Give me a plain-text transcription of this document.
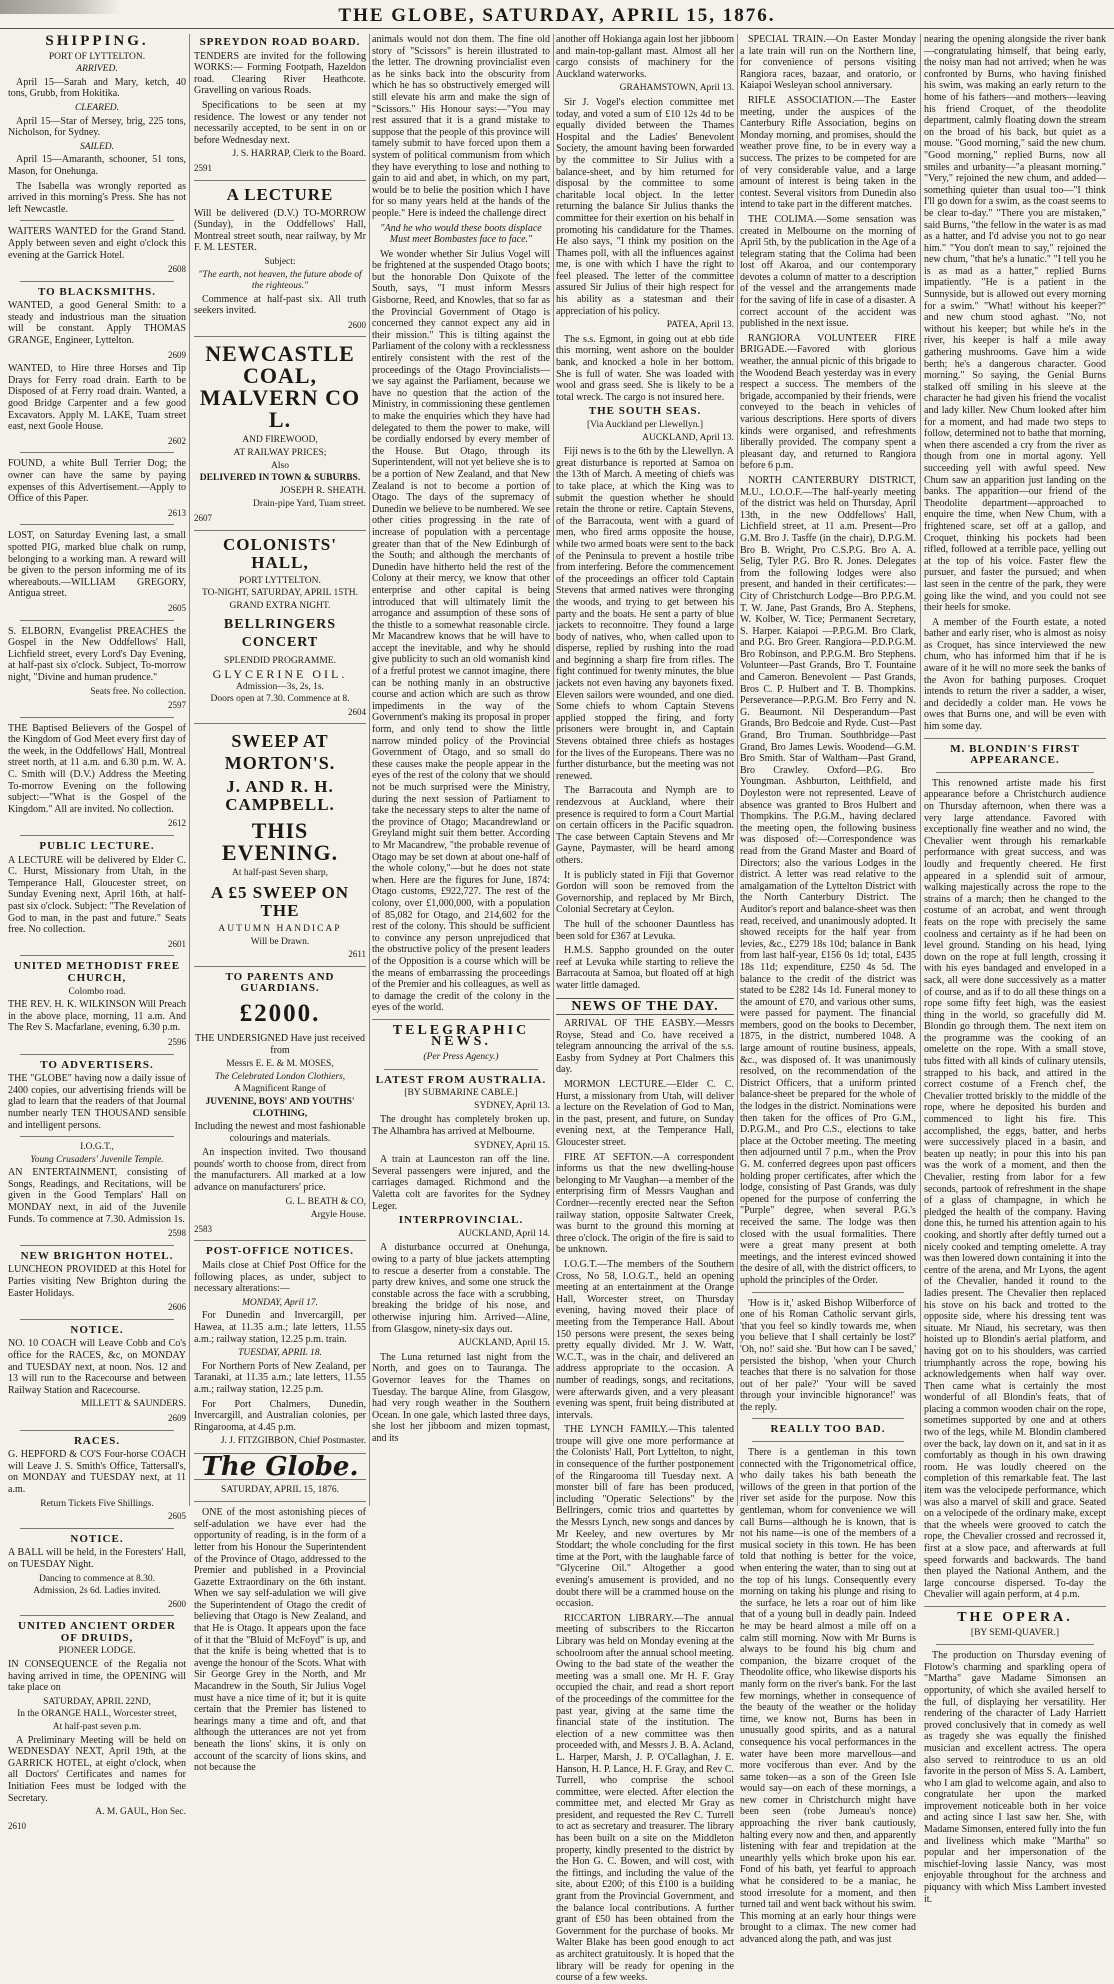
THE GLOBE, SATURDAY, APRIL 15, 1876.
SHIPPING.
PORT OF LYTTELTON.
ARRIVED.
April 15—Sarah and Mary, ketch, 40 tons, Grubb, from Hokitika.
CLEARED.
April 15—Star of Mersey, brig, 225 tons, Nicholson, for Sydney.
SAILED.
April 15—Amaranth, schooner, 51 tons, Mason, for Onehunga.
The Isabella was wrongly reported as arrived in this morning's Press. She has not left Newcastle.
WAITERS WANTED for the Grand Stand. Apply between seven and eight o'clock this evening at the Garrick Hotel.
2608
TO BLACKSMITHS.
WANTED, a good General Smith: to a steady and industrious man the situation will be constant. Apply THOMAS GRANGE, Engineer, Lyttelton.
2609
WANTED, to Hire three Horses and Tip Drays for Ferry road drain. Earth to be Disposed of at Ferry road drain. Wanted, a good Bridge Carpenter and a few good Excavators. Apply M. LAKE, Tuam street east, next Goole House.
2602
FOUND, a white Bull Terrier Dog; the owner can have the same by paying expenses of this Advertisement.—Apply to Office of this Paper.
2613
LOST, on Saturday Evening last, a small spotted PIG, marked blue chalk on rump, belonging to a working man. A reward will be given to the person informing me of its whereabouts.—WILLIAM GREGORY, Antigua street.
2605
S. ELBORN, Evangelist PREACHES the Gospel in the New Oddfellows' Hall, Lichfield street, every Lord's Day Evening, at half-past six o'clock. Subject, To-morrow night, "Divine and human prudence."
Seats free. No collection.
2597
THE Baptised Believers of the Gospel of the Kingdom of God Meet every first day of the week, in the Oddfellows' Hall, Montreal street north, at 11 a.m. and 6.30 p.m. W. A. C. Smith will (D.V.) Address the Meeting To-morrow Evening on the following subject:—"What is the Gospel of the Kingdom." All are invited. No collection.
2612
PUBLIC LECTURE.
A LECTURE will be delivered by Elder C. C. Hurst, Missionary from Utah, in the Temperance Hall, Gloucester street, on Sunday Evening next, April 16th, at half-past six o'clock. Subject: "The Revelation of God to man, in the past and future." Seats free. No collection.
2601
UNITED METHODIST FREE CHURCH,
Colombo road.
THE REV. H. K. WILKINSON Will Preach in the above place, morning, 11 a.m. And The Rev S. Macfarlane, evening, 6.30 p.m.
2596
TO ADVERTISERS.
THE "GLOBE" having now a daily issue of 2400 copies, our advertising friends will be glad to learn that the readers of that Journal number nearly TEN THOUSAND sensible and intelligent persons.
I.O.G.T.,
Young Crusaders' Juvenile Temple.
AN ENTERTAINMENT, consisting of Songs, Readings, and Recitations, will be given in the Good Templars' Hall on MONDAY next, in aid of the Juvenile Funds. To commence at 7.30. Admission 1s.
2598
NEW BRIGHTON HOTEL.
LUNCHEON PROVIDED at this Hotel for Parties visiting New Brighton during the Easter Holidays.
2606
NOTICE.
NO. 10 COACH will Leave Cobb and Co's office for the RACES, &c, on MONDAY and TUESDAY next, at noon. Nos. 12 and 13 will run to the Racecourse and between Railway Station and Racecourse.
MILLETT & SAUNDERS.
2609
RACES.
G. HEPFORD & CO'S Four-horse COACH will Leave J. S. Smith's Office, Tattersall's, on MONDAY and TUESDAY next, at 11 a.m.
Return Tickets Five Shillings.
2605
NOTICE.
A BALL will be held, in the Foresters' Hall, on TUESDAY Night.
Dancing to commence at 8.30.
Admission, 2s 6d. Ladies invited.
2600
UNITED ANCIENT ORDER OF DRUIDS,
PIONEER LODGE.
IN CONSEQUENCE of the Regalia not having arrived in time, the OPENING will take place on
SATURDAY, APRIL 22ND,
In the ORANGE HALL, Worcester street,
At half-past seven p.m.
A Preliminary Meeting will be held on WEDNESDAY NEXT, April 19th, at the GARRICK HOTEL, at eight o'clock, when all Doctors' Certificates and names for Initiation Fees must be lodged with the Secretary.
A. M. GAUL, Hon Sec.
2610
SPREYDON ROAD BOARD.
TENDERS are invited for the following WORKS:— Forming Footpath, Hazeldon road. Clearing River Heathcote. Gravelling on various Roads.
Specifications to be seen at my residence. The lowest or any tender not necessarily accepted, to be sent in on or before Wednesday next.
J. S. HARRAP, Clerk to the Board.
2591
A LECTURE
Will be delivered (D.V.) TO-MORROW (Sunday), in the Oddfellows' Hall, Montreal street south, near railway, by Mr F. M. LESTER.
Subject:
"The earth, not heaven, the future abode of the righteous."
Commence at half-past six. All truth seekers invited.
2600
NEWCASTLE COAL, MALVERN CO L.
AND FIREWOOD,
AT RAILWAY PRICES;
Also
DELIVERED IN TOWN & SUBURBS.
JOSEPH R. SHEATH.
Drain-pipe Yard, Tuam street.
2607
COLONISTS' HALL,
PORT LYTTELTON.
TO-NIGHT, SATURDAY, APRIL 15TH.
GRAND EXTRA NIGHT.
BELLRINGERS CONCERT
SPLENDID PROGRAMME.
GLYCERINE OIL.
Admission—3s, 2s, 1s.
Doors open at 7.30. Commence at 8.
2604
SWEEP AT MORTON'S.
J. AND R. H. CAMPBELL.
THIS EVENING.
At half-past Seven sharp,
A £5 SWEEP ON THE
AUTUMN HANDICAP
Will be Drawn.
2611
TO PARENTS AND GUARDIANS.
£2000.
THE UNDERSIGNED Have just received from
Messrs E. E. & M. MOSES,
The Celebrated London Clothiers,
A Magnificent Range of
JUVENINE, BOYS' AND YOUTHS' CLOTHING,
Including the newest and most fashionable colourings and materials.
An inspection invited. Two thousand pounds' worth to choose from, direct from the manufacturers. All marked at a low advance on manufacturers' price.
G. L. BEATH & CO,
Argyle House.
2583
POST-OFFICE NOTICES.
Mails close at Chief Post Office for the following places, as under, subject to necessary alterations:—
MONDAY, April 17.
For Dunedin and Invercargill, per Hawea, at 11.35 a.m.; late letters, 11.55 a.m.; railway station, 12.25 p.m. train.
TUESDAY, APRIL 18.
For Northern Ports of New Zealand, per Taranaki, at 11.35 a.m.; late letters, 11.55 a.m.; railway station, 12.25 p.m.
For Port Chalmers, Dunedin, Invercargill, and Australian colonies, per Ringarooma, at 4.45 p.m.
J. J. FITZGIBBON, Chief Postmaster.
The Globe.
SATURDAY, APRIL 15, 1876.
ONE of the most astonishing pieces of self-adulation we have ever had the opportunity of reading, is in the form of a letter from his Honour the Superintendent of the Province of Otago, addressed to the Premier and published in a Provincial Gazette Extraordinary on the 6th instant. When we say self-adulation we will give the Superintendent of Otago the credit of believing that Otago is New Zealand, and that He is Otago. It appears upon the face of it that the "Bluid of McFoyd" is up, and that the knife is being whetted that is to avenge the honour of the Scots. What with Sir George Grey in the North, and Mr Macandrew in the South, Sir Julius Vogel must have a nice time of it; but it is quite certain that the Premier has listened to hearings many a time and oft, and that although the utterances are not yet from beneath the lions' skins, it is only on account of the scarcity of lions skins, and not because the
animals would not don them. The fine old story of "Scissors" is herein illustrated to the letter. The drowning provincialist even as he sinks back into the obscurity from which he has so obstructively emerged will still elevate his arm and make the sign of "Scissors." His Honour says:—"You may rest assured that it is a grand mistake to suppose that the people of this province will tamely submit to have forced upon them a system of political communism from which they have everything to lose and nothing to gain to aid and abet, in which, on my part, would be to belie the position which I have for so many years held at the hands of the people." Here is indeed the challenge direct
"And he who would these boots displace Must meet Bombastes face to face."
We wonder whether Sir Julius Vogel will be frightened at the suspended Otago boots; but the honorable Don Quixote of the South, says, "I must inform Messrs Gisborne, Reed, and Knowles, that so far as the Provincial Government of Otago is concerned they cannot expect any aid in their mission." This is tilting against the Parliament of the colony with a recklessness entirely consistent with the rest of the proceedings of the Otago Provincialists—we say against the Parliament, because we have no question that the action of the Ministry, in commissioning these gentlemen to make the enquiries which they have had delegated to them the power to make, will be cordially endorsed by every member of the House. But Otago, through its Superintendent, will not yet believe she is to be a portion of New Zealand, and that New Zealand is not to become a portion of Otago. The days of the supremacy of Dunedin we believe to be numbered. We see other cities progressing in the rate of increase of population with a percentage greater than that of the New Edinburgh of the South; and although the merchants of Dunedin have hitherto held the rest of the Colony at their mercy, we know that other enterprise and other capital is being introduced that will ultimately limit the arrogance and assumption of these sons of the thistle to a somewhat reasonable circle. Mr Macandrew knows that he will have to accept the inevitable, and why he should give publicity to such an old womanish kind of a fretful protest we cannot imagine, there can be nothing manly in an obstructive course and action which are such as throw impediments in the way of the Government's making its proposal in proper form, and only tend to show the little narrow minded policy of the Provincial Government of Otago, and so small do these causes make the people appear in the eyes of the rest of the colony that we should not be much surprised were the Ministry, during the next session of Parliament to take the necessary steps to alter the name of the province of Otago; Macandrewland or Greyland might suit them better. According to Mr Macandrew, "the probable revenue of Otago may be set down at about one-half of the whole colony,"—but he does not state when. Here are the figures for June, 1874: Otago customs, £922,727. The rest of the colony, over £1,000,000, with a population of 85,082 for Otago, and 214,602 for the rest of the colony. This should be sufficient to convince any person unprejudiced that the obstructive policy of the present leaders of the Opposition is a course which will be the means of embarrassing the proceedings of the Premier and his colleagues, as well as to damage the credit of the colony in the eyes of the world.
TELEGRAPHIC NEWS.
(Per Press Agency.)
LATEST FROM AUSTRALIA.
[BY SUBMARINE CABLE.]
SYDNEY, April 13.
The drought has completely broken up. The Alhambra has arrived at Melbourne.
SYDNEY, April 15.
A train at Launceston ran off the line. Several passengers were injured, and the carriages damaged. Richmond and the Valetta colt are favorites for the Sydney Leger.
INTERPROVINCIAL.
AUCKLAND, April 14.
A disturbance occurred at Onehunga, owing to a party of blue jackets attempting to rescue a deserter from a constable. The party drew knives, and some one struck the constable across the face with a scrubbing, breaking the bridge of his nose, and otherwise injuring him. Arrived—Aline, from Glasgow, ninety-six days out.
AUCKLAND, April 15.
The Luna returned last night from the North, and goes on to Tauranga. The Governor leaves for the Thames on Tuesday. The barque Aline, from Glasgow, had very rough weather in the Southern Ocean. In one gale, which lasted three days, she lost her jibboom and mizen topmast, and its
another off Hokianga again lost her jibboom and main-top-gallant mast. Almost all her cargo consists of machinery for the Auckland waterworks.
GRAHAMSTOWN, April 13.
Sir J. Vogel's election committee met today, and voted a sum of £10 12s 4d to be equally divided between the Thames Hospital and the Ladies' Benevolent Society, the amount having been forwarded by the committee to Sir Julius with a balance-sheet, and by him returned for disposal by the committee to some charitable local object. In the letter returning the balance Sir Julius thanks the committee for their exertion on his behalf in promoting his candidature for the Thames. He also says, "I think my position on the Thames poll, with all the influences against me, is one with which I have the right to feel pleased. The letter of the committee assured Sir Julius of their high respect for his ability as a statesman and their appreciation of his policy.
PATEA, April 13.
The s.s. Egmont, in going out at ebb tide this morning, went ashore on the boulder bank, and knocked a hole in her bottom. She is full of water. She was loaded with wool and grass seed. She is likely to be a total wreck. The cargo is not insured here.
THE SOUTH SEAS.
[Via Auckland per Llewellyn.]
AUCKLAND, April 13.
Fiji news is to the 6th by the Llewellyn. A great disturbance is reported at Samoa on the 13th of March. A meeting of chiefs was to take place, at which the King was to submit the question whether he should retain the throne or retire. Captain Stevens, of the Barracouta, went with a guard of men, who fired arms opposite the house, while two armed boats were sent to the back of the Peninsula to prevent a hostile tribe from interfering. Before the commencement of the proceedings an officer told Captain Stevens that armed natives were thronging the woods, and trying to get between his party and the boats. He sent a party of blue jackets to reconnoitre. They found a large body of natives, who, when called upon to disperse, replied by rushing into the road and beginning a sharp fire from rifles. The fight continued for twenty minutes, the blue jackets not even having any bayonets fixed. Eleven sailors were wounded, and one died. Some chiefs to whom Captain Stevens applied stopped the firing, and forty prisoners were brought in, and Captain Stevens obtained three chiefs as hostages for the lives of the Europeans. There was no further disturbance, but the meeting was not renewed.
The Barracouta and Nymph are to rendezvous at Auckland, where their presence is required to form a Court Martial on certain officers in the Pacific squadron. The case between Captain Stevens and Mr Gayne, Paymaster, will be heard among others.
It is publicly stated in Fiji that Governor Gordon will soon be removed from the Governorship, and replaced by Mr Birch, Colonial Secretary at Ceylon.
The hull of the schooner Dauntless has been sold for £367 at Levuka.
H.M.S. Sappho grounded on the outer reef at Levuka while starting to relieve the Barracouta at Samoa, but floated off at high water little damaged.
NEWS OF THE DAY.
ARRIVAL OF THE EASBY.—Messrs Royse, Stead and Co. have received a telegram announcing the arrival of the s.s. Easby from Sydney at Port Chalmers this day.
MORMON LECTURE.—Elder C. C. Hurst, a missionary from Utah, will deliver a lecture on the Revelation of God to Man, in the past, present, and future, on Sunday evening next, at the Temperance Hall, Gloucester street.
FIRE AT SEFTON.—A correspondent informs us that the new dwelling-house belonging to Mr Vaughan—a member of the enterprising firm of Messrs Vaughan and Cordner—recently erected near the Sefton railway station, opposite Saltwater Creek, was burnt to the ground this morning at three o'clock. The origin of the fire is said to be unknown.
I.O.G.T.—The members of the Southern Cross, No 58, I.O.G.T., held an opening meeting at an entertainment at the Orange Hall, Worcester street, on Thursday evening, having moved their place of meeting from the Temperance Hall. About 150 persons were present, the sexes being pretty equally divided. Mr J. W. Watt, W.C.T., was in the chair, and delivered an address appropriate to the occasion. A number of readings, songs, and recitations, were afterwards given, and a very pleasant evening was spent, fruit being distributed at intervals.
THE LYNCH FAMILY.—This talented troupe will give one more performance at the Colonists' Hall, Port Lyttelton, to night, in consequence of the further postponement of the Ringarooma till Tuesday next. A monster bill of fare has been produced, including "Operatic Selections" by the Bellringers, comic trios and quartettes by the Messrs Lynch, new songs and dances by Mr Keeley, and new overtures by Mr Stoddart; the whole concluding for the first time at the Port, with the laughable farce of "Glycerine Oil." Altogether a good evening's amusement is provided, and no doubt there will be a crammed house on the occasion.
RICCARTON LIBRARY.—The annual meeting of subscribers to the Riccarton Library was held on Monday evening at the schoolroom after the annual school meeting. Owing to the bad state of the weather the meeting was a small one. Mr H. F. Gray occupied the chair, and read a short report of the proceedings of the committee for the past year, giving at the same time the financial state of the institution. The election of a new committee was then proceeded with, and Messrs J. B. A. Acland, L. Harper, Marsh, J. P. O'Callaghan, J. E. Hanson, H. P. Lance, H. F. Gray, and Rev C. Turrell, who comprise the school committee, were elected. After election the committee met, and elected Mr Gray as president, and requested the Rev C. Turrell to act as secretary and treasurer. The library has been built on a site on the Middleton property, kindly presented to the district by the Hon G. C. Bowen, and will cost, with the fittings, and including the value of the site, about £200; of this £100 is a building grant from the Provincial Government, and the balance local contributions. A further grant of £50 has been obtained from the Government for the purchase of books. Mr Walter Blake has been good enough to act as architect gratuitously. It is hoped that the library will be ready for opening in the course of a few weeks.
SPECIAL TRAIN.—On Easter Monday a late train will run on the Northern line, for convenience of persons visiting Rangiora races, bazaar, and oratorio, or Kaiapoi Wesleyan school anniversary.
RIFLE ASSOCIATION.—The Easter meeting, under the auspices of the Canterbury Rifle Association, begins on Monday morning, and promises, should the weather prove fine, to be in every way a success. The prizes to be competed for are of very considerable value, and a large amount of interest is being taken in the contest. Several visitors from Dunedin also intend to take part in the different matches.
THE COLIMA.—Some sensation was created in Melbourne on the morning of April 5th, by the publication in the Age of a telegram stating that the Colima had been lost off Akaroa, and our contemporary devotes a column of matter to a description of the vessel and the arrangements made for the saving of life in case of a disaster. A correct account of the accident was published in the next issue.
RANGIORA VOLUNTEER FIRE BRIGADE.—Favored with glorious weather, the annual picnic of this brigade to the Woodend Beach yesterday was in every respect a success. The members of the brigade, accompanied by their friends, were conveyed to the beach in vehicles of various descriptions. Here sports of divers kinds were organised, and refreshments liberally provided. The company spent a pleasant day, and returned to Rangiora before 6 p.m.
NORTH CANTERBURY DISTRICT, M.U., I.O.O.F.—The half-yearly meeting of the district was held on Thursday, April 13th, in the new Oddfellows' Hall, Lichfield street, at 11 a.m. Present—Pro G.M. Bro J. Tasffe (in the chair), D.P.G.M. Bro B. Wright, Pro C.S.P.G. Bro A. A. Selig, Tyler P.G. Bro R. Jones. Delegates from the following lodges were also present, and handed in their certificates:—City of Christchurch Lodge—Bro P.P.G.M. T. W. Jane, Past Grands, Bro A. Stephens, W. Kolber, W. Tice; Permanent Secretary, S. Harper. Kaiapoi —P.P.G.M. Bro Clark, and P.G. Bro Greer. Rangiora—P.D.P.G.M. Bro Robinson, and P.P.G.M. Bro Stephens. Volunteer—Past Grands, Bro T. Fountaine and Cameron. Benevolent — Past Grands, Bros C. P. Hulbert and T. B. Thompkins. Perseverance—P.P.G.M. Bro Ferry and N. G. Beaumont. Nil Desperandum—Past Grands, Bro Bedcoie and Ryde. Cust—Past Grand, Bro Truman. Southbridge—Past Grand, Bro James Lewis. Woodend—G.M. Bro Smith. Star of Waltham—Past Grand, Bro Crawley. Oxford—P.G. Bro Youngman. Ashburton, Leithfield, and Doyleston were not represented. Leave of absence was granted to Bros Hulbert and Thompkins. The P.G.M., having declared the meeting open, the following business was disposed of:—Correspondence was read from the Grand Master and Board of Directors; also the various Lodges in the district. A letter was read relative to the amalgamation of the Lyttelton District with the North Canterbury District. The Auditor's report and balance-sheet was then read, received, and unanimously adopted. It showed receipts for the half year from levies, &c., £279 18s 10d; balance in Bank from last half-year, £156 0s 1d; total, £435 18s 11d; expenditure, £250 4s 5d. The balance to the credit of the district was stated to be £282 14s 1d. Funeral money to the amount of £70, and various other sums, were passed for payment. The financial members, good on the books to December, 1875, in the district, numbered 1048. A large amount of routine business, appeals, &c., was disposed of. It was unanimously resolved, on the recommendation of the District Officers, that a uniform printed balance-sheet be prepared for the whole of the lodges in the district. Nominations were then taken for the offices of Pro G.M., D.P.G.M., and Pro C.S., elections to take place at the October meeting. The meeting then adjourned until 7 p.m., when the Prov G. M. conferred degrees upon past officers holding proper certificates, after which the lodge, consisting of Past Grands, was duly opened for the purpose of conferring the "Purple" degree, when several P.G.'s received the same. The lodge was then closed with the usual formalities. There were a great many present at both meetings, and the interest evinced showed the desire of all, with the district officers, to uphold the principles of the Order.
'How is it,' asked Bishop Wilberforce of one of his Roman Catholic servant girls, 'that you feel so kindly towards me, when you believe that I shall certainly be lost?' 'Oh, no!' said she. 'But how can I be saved,' persisted the bishop, 'when your Church teaches that there is no salvation for those out of her pale?' 'Your will be saved through your invincible hignorance!' was the reply.
REALLY TOO BAD.
There is a gentleman in this town connected with the Trigonometrical office, who daily takes his bath beneath the willows of the green in that portion of the river set aside for the purpose. Now this gentleman, whom for convenience we will call Burns—although he is known, that is not his name—is one of the members of a musical society in this town. He has been told that nothing is better for the voice, when entering the water, than to sing out at the top of his lungs. Consequently every morning on taking his plunge and rising to the surface, he lets a roar out of him like that of a young bull in deadly pain. Indeed he may be heard almost a mile off on a calm still morning. Now with Mr Burns is always to be found his big chum and companion, the bizarre croquet of the Theodolite office, who likewise disports his manly form on the river's bank. For the last few mornings, whether in consequence of the beauty of the weather or the holiday time, we know not, Burns has been in unusually good spirits, and as a natural consequence his vocal performances in the water have been more marvellous—and more vociferous than ever. And by the same token—as a son of the Green Isle would say—on each of these mornings, a new comer in Christchurch might have been seen (robe Jumeau's nonce) approaching the river bank cautiously, halting every now and then, and apparently listening with fear and trepidation at the unearthly yells which broke upon his ear. Fond of his bath, yet fearful to approach what he considered to be a maniac, he stood irresolute for a moment, and then turned tail and went back without his swim. This morning at an early hour things were brought to a climax. The new comer had advanced along the path, and was just
nearing the opening alongside the river bank—congratulating himself, that being early, the noisy man had not arrived; when he was confronted by Burns, who having finished his swim, was making an early return to the home of his fathers—and mothers—leaving his friend Croquet, of the theodolite department, calmly floating down the stream on the broad of his back, but quiet as a mouse. "Good morning," said the new chum. "Good morning," replied Burns, now all smiles and urbanity—"a pleasant morning." "Very," rejoined the new chum, and added—something quieter than usual too—"I think I'll go down for a swim, as the coast seems to be clear to-day." "There you are mistaken," said Burns, "the fellow in the water is as mad as a hatter, and I'd advise you not to go near him." "You don't mean to say," rejoined the new chum, "that he's a lunatic." "I tell you he is as mad as a hatter," replied Burns impatiently. "He is a patient in the Sunnyside, but is allowed out every morning for a swim." "What! without his keeper?" and new chum stood aghast. "No, not without his keeper; but while he's in the river, his keeper is half a mile away gathering mushrooms. Gave him a wide berth; he's a dangerous character. Good morning." So saying, the Genial Burns stalked off smiling in his sleeve at the character he had given his friend the vocalist and lady killer. New Chum looked after him for a moment, and had made two steps to follow, determined not to bathe that morning, when there ascended a cry from the river as though from one in mortal agony. Yell succeeding yell with awful speed. New Chum saw an apparition just landing on the banks. The apparition—our friend of the Theodolite department—approached to enquire the time, when New Chum, with a frightened scare, set off at a gallop, and Croquet, thinking his pockets had been rifled, followed at a terrible pace, yelling out at the top of his voice. Faster flew the pursuer, and faster the pursued; and when last seen in the centre of the park, they were going like the wind, and you could not see their heels for smoke.
A member of the Fourth estate, a noted bather and early riser, who is almost as noisy as Croquet, has since interviewed the new chum, who has informed him that if he is aware of it he will no more seek the banks of the Avon for bathing purposes. Croquet intends to return the river a sadder, a wiser, and decidedly a colder man. He vows he owes that Burns one, and will be even with him some day.
M. BLONDIN'S FIRST APPEARANCE.
This renowned artiste made his first appearance before a Christchurch audience on Thursday afternoon, when there was a very large attendance. Favored with exceptionally fine weather and no wind, the Chevalier went through his remarkable performance with great success, and was loudly and frequently cheered. He first appeared in a splendid suit of armour, walking majestically across the rope to the strains of a march; then he changed to the costume of an acrobat, and went through feats on the rope with precisely the same coolness and certainty as if he had been on level ground. Standing on his head, lying down on the rope at full length, crossing it with his eyes bandaged and enveloped in a sack, all were done successively as a matter of course, and as if to do all these things on a rope some fifty feet high, was the easiest thing in the world, so gracefully did M. Blondin go through them. The next item on the programme was the cooking of an omelette on the rope. With a small stove, tubs fitted with all kinds of culinary utensils, strapped to his back, and attired in the correct costume of a French chef, the Chevalier trotted briskly to the middle of the rope, where he deposited his burden and commenced to light his fire. This accomplished, the eggs, batter, and herbs were successively placed in a basin, and beaten up neatly; in pour this into his pan was the work of a moment, and then the Chevalier, resting from labor for a few seconds, partook of refreshment in the shape of a glass of champagne, in which he pledged the health of the company. Having done this, he turned his attention again to his cooking, and shortly after deftly turned out a nicely cooked and tempting omelette. A tray was then lowered down containing it into the centre of the arena, and Mr Lyons, the agent of the Chevalier, handed it round to the ladies present. The Chevalier then replaced his stove on his back and trotted to the opposite side, where his dressing tent was situate. Mr Niaud, his secretary, was then hoisted up to Blondin's aerial platform, and having got on to his shoulders, was carried triumphantly across the rope, bowing his acknowledgements when half way over. Then came what is certainly the most wonderful of all Blondin's feats, that of placing a common wooden chair on the rope, sometimes supported by one and at others two of the legs, while M. Blondin clambered over the back, lay down on it, and sat in it as comfortably as though in his own drawing room. He was loudly cheered on the completion of this remarkable feat. The last item was the velocipede performance, which was also a marvel of skill and grace. Seated on a velocipede of the ordinary make, except that the wheels were grooved to catch the rope, the Chevalier crossed and recrossed it, first at a slow pace, and afterwards at full speed forwards and backwards. The band then played the National Anthem, and the large concourse dispersed. To-day the Chevalier will again perform, at 4 p.m.
THE OPERA.
[BY SEMI-QUAVER.]
The production on Thursday evening of Flotow's charming and sparkling opera of "Martha" gave Madame Simonsen an opportunity, of which she availed herself to the full, of displaying her versatility. Her rendering of the character of Lady Harriett proved conclusively that in comedy as well as tragedy she was equally the finished musician and excellent actress. The opera also served to reintroduce to us an old favorite in the person of Miss S. A. Lambert, who I am glad to welcome again, and also to congratulate her upon the marked improvement noticeable both in her voice and acting since I last saw her. She, with Madame Simonsen, entered fully into the fun and liveliness which make "Martha" so popular and her impersonation of the mischief-loving lassie Nancy, was most enjoyable throughout for the archness and piquancy with which Miss Lambert invested it.
